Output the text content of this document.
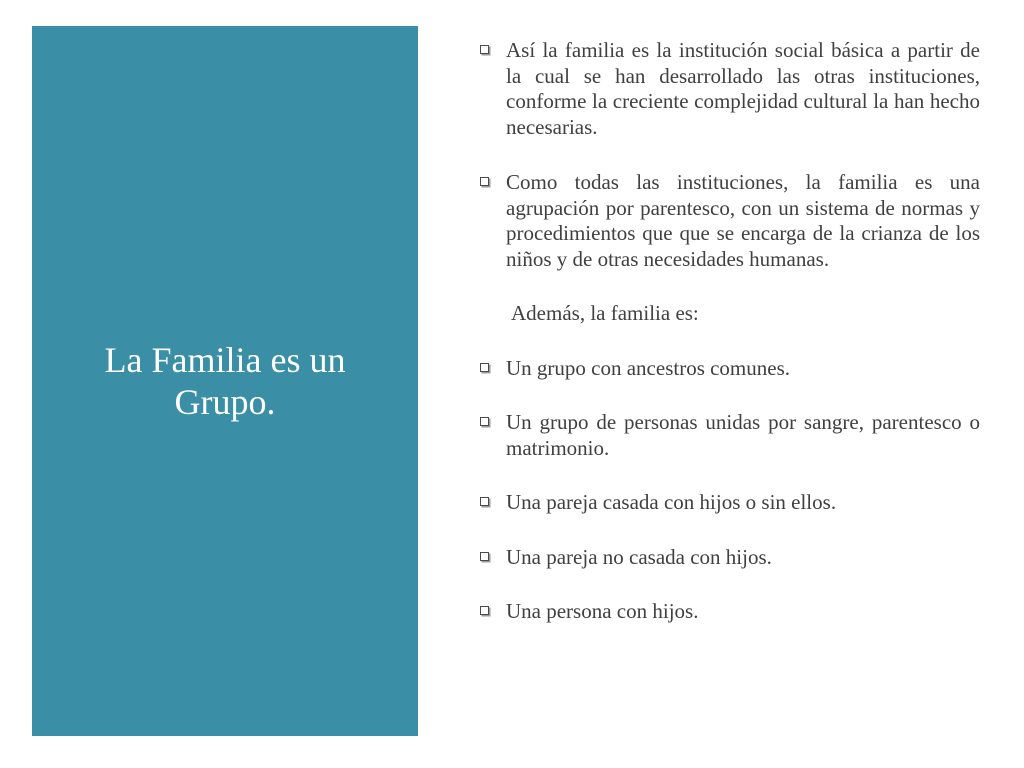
La Familia es un Grupo.
Así la familia es la institución social básica a partir de la cual se han desarrollado las otras instituciones, conforme la creciente complejidad cultural la han hecho necesarias.
Como todas las instituciones, la familia es una agrupación por parentesco, con un sistema de normas y procedimientos que que se encarga de la crianza de los niños y de otras necesidades humanas.
Además, la familia es:
Un grupo con ancestros comunes.
Un grupo de personas unidas por sangre, parentesco o matrimonio.
Una pareja casada con hijos o sin ellos.
Una pareja no casada con hijos.
Una persona con hijos.
